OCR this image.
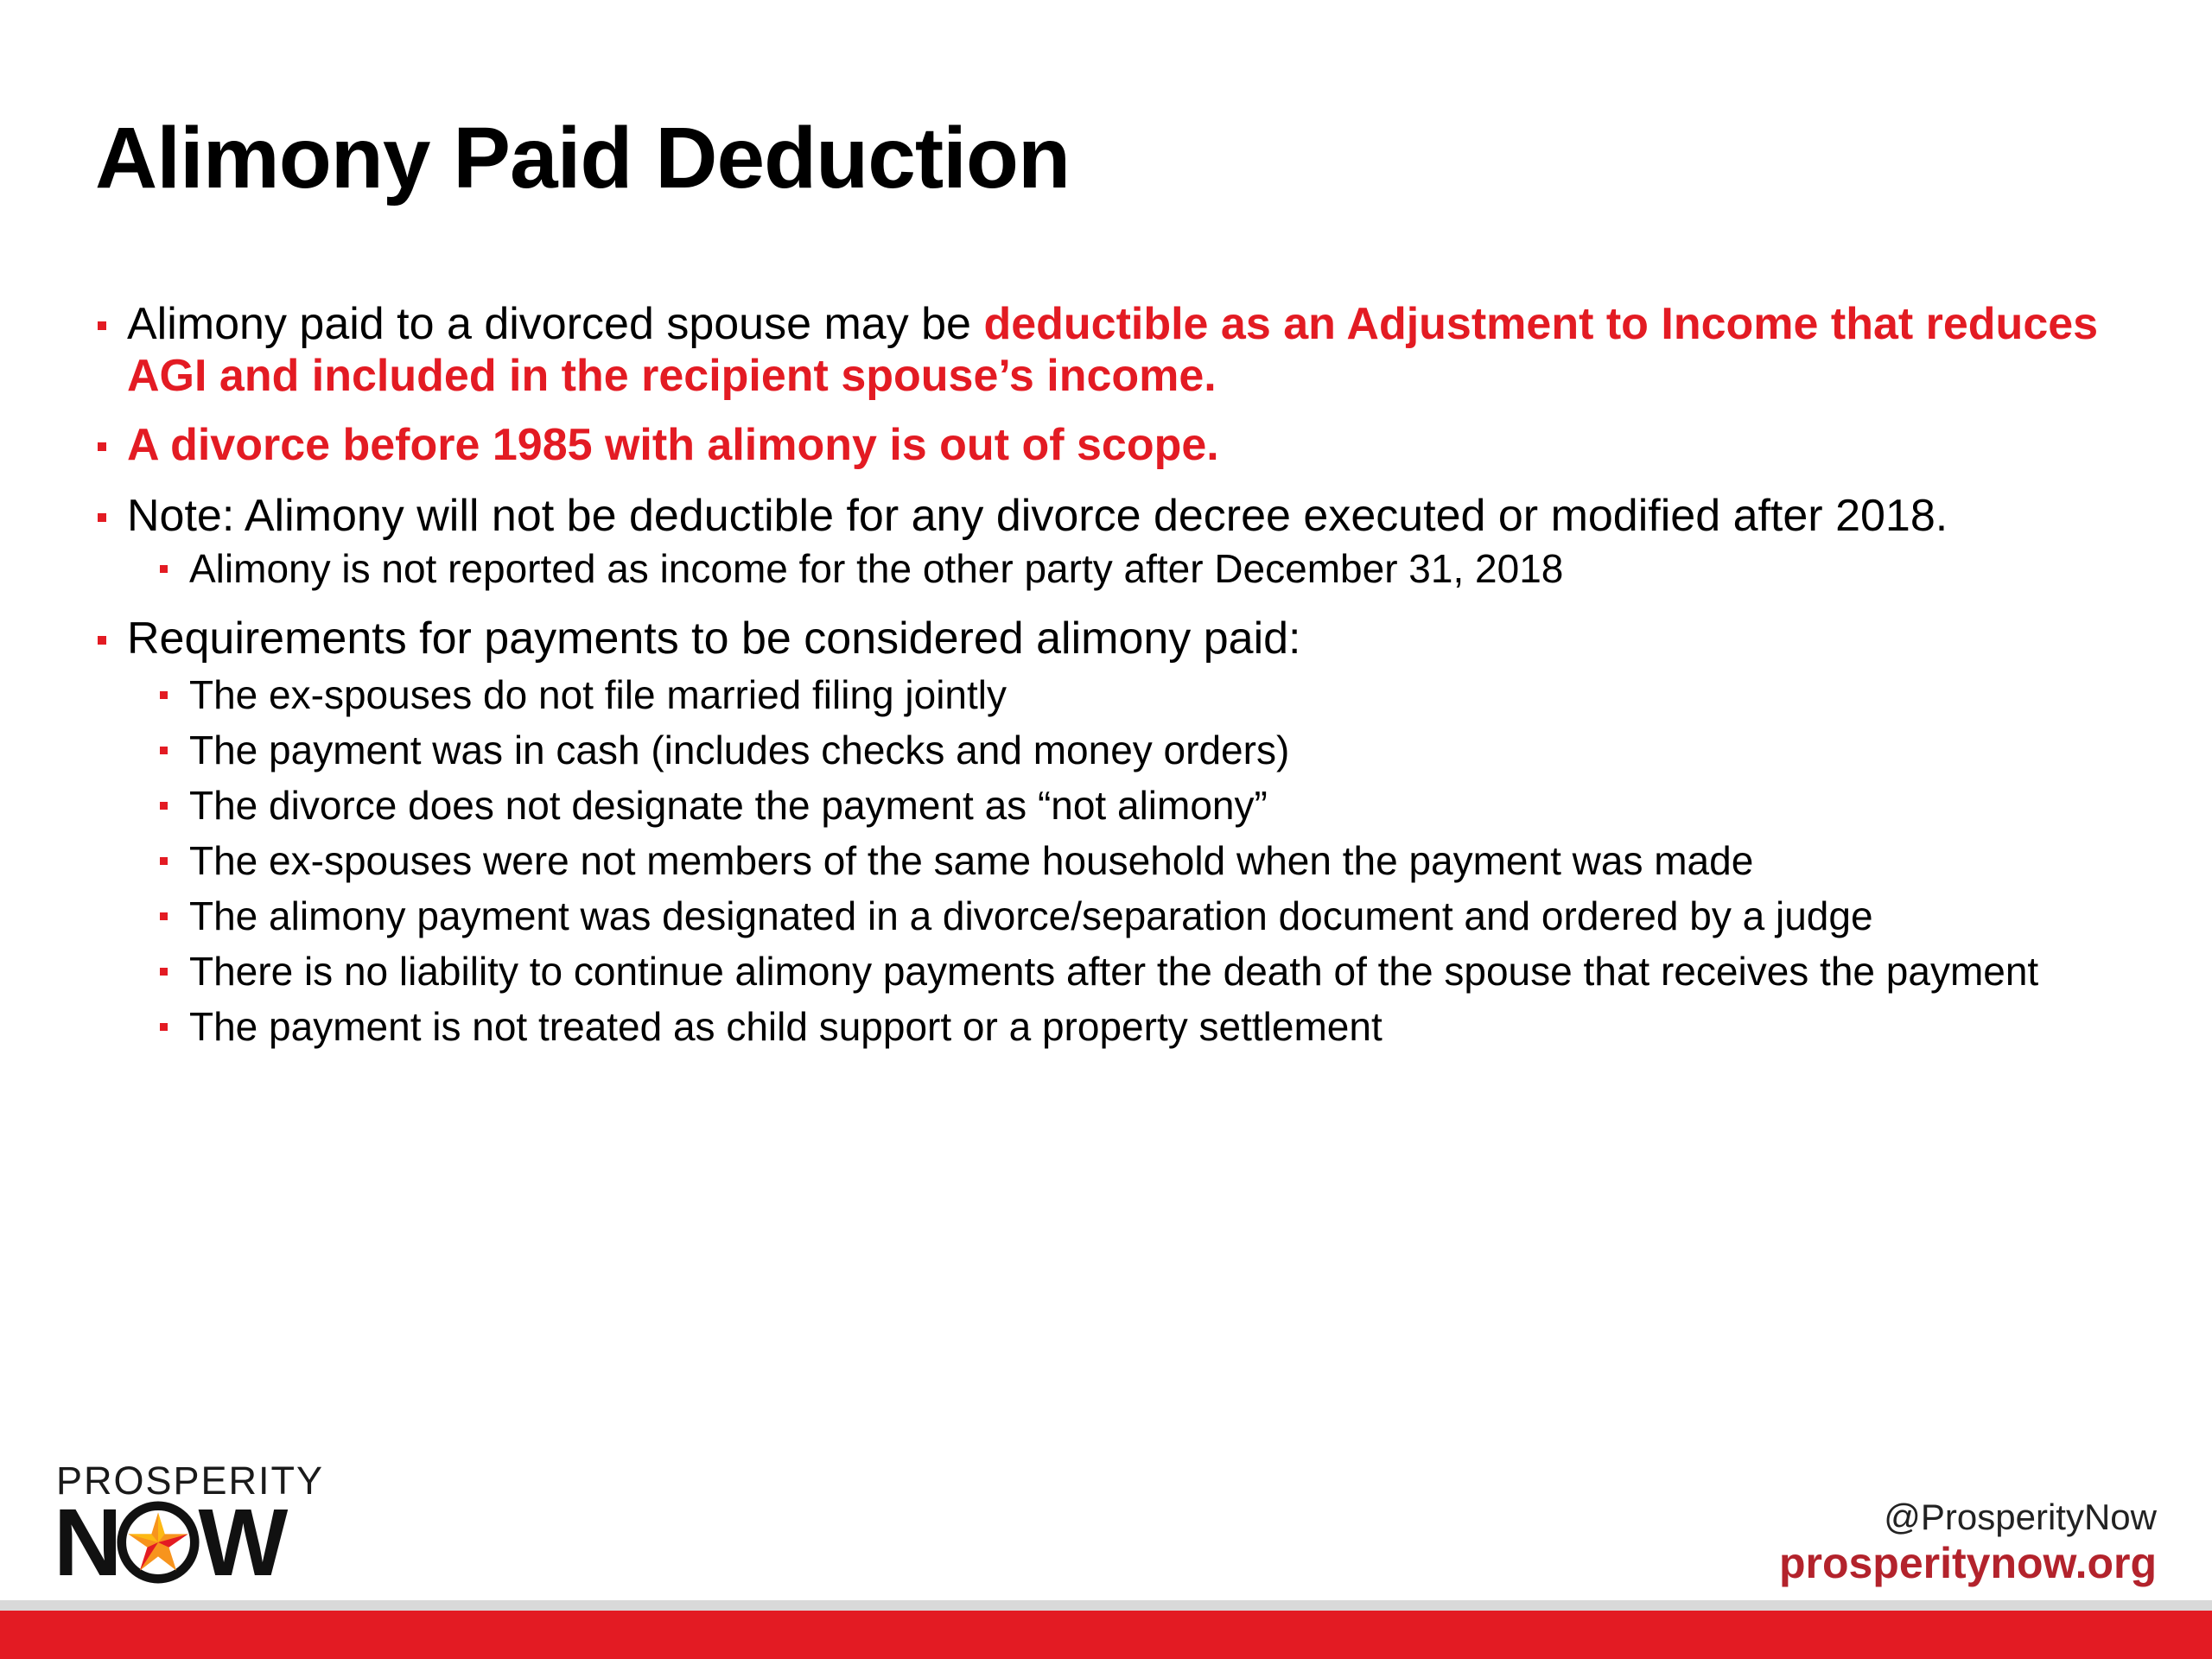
Alimony Paid Deduction
Alimony paid to a divorced spouse may be deductible as an Adjustment to Income that reduces AGI and included in the recipient spouse’s income.
A divorce before 1985 with alimony is out of scope.
Note: Alimony will not be deductible for any divorce decree executed or modified after 2018.
Alimony is not reported as income for the other party after December 31, 2018
Requirements for payments to be considered alimony paid:
The ex-spouses do not file married filing jointly
The payment was in cash (includes checks and money orders)
The divorce does not designate the payment as “not alimony”
The ex-spouses were not members of the same household when the payment was made
The alimony payment was designated in a divorce/separation document and ordered by a judge
There is no liability to continue alimony payments after the death of the spouse that receives the payment
The payment is not treated as child support or a property settlement
PROSPERITY
N W	@ProsperityNow
prosperitynow.org
